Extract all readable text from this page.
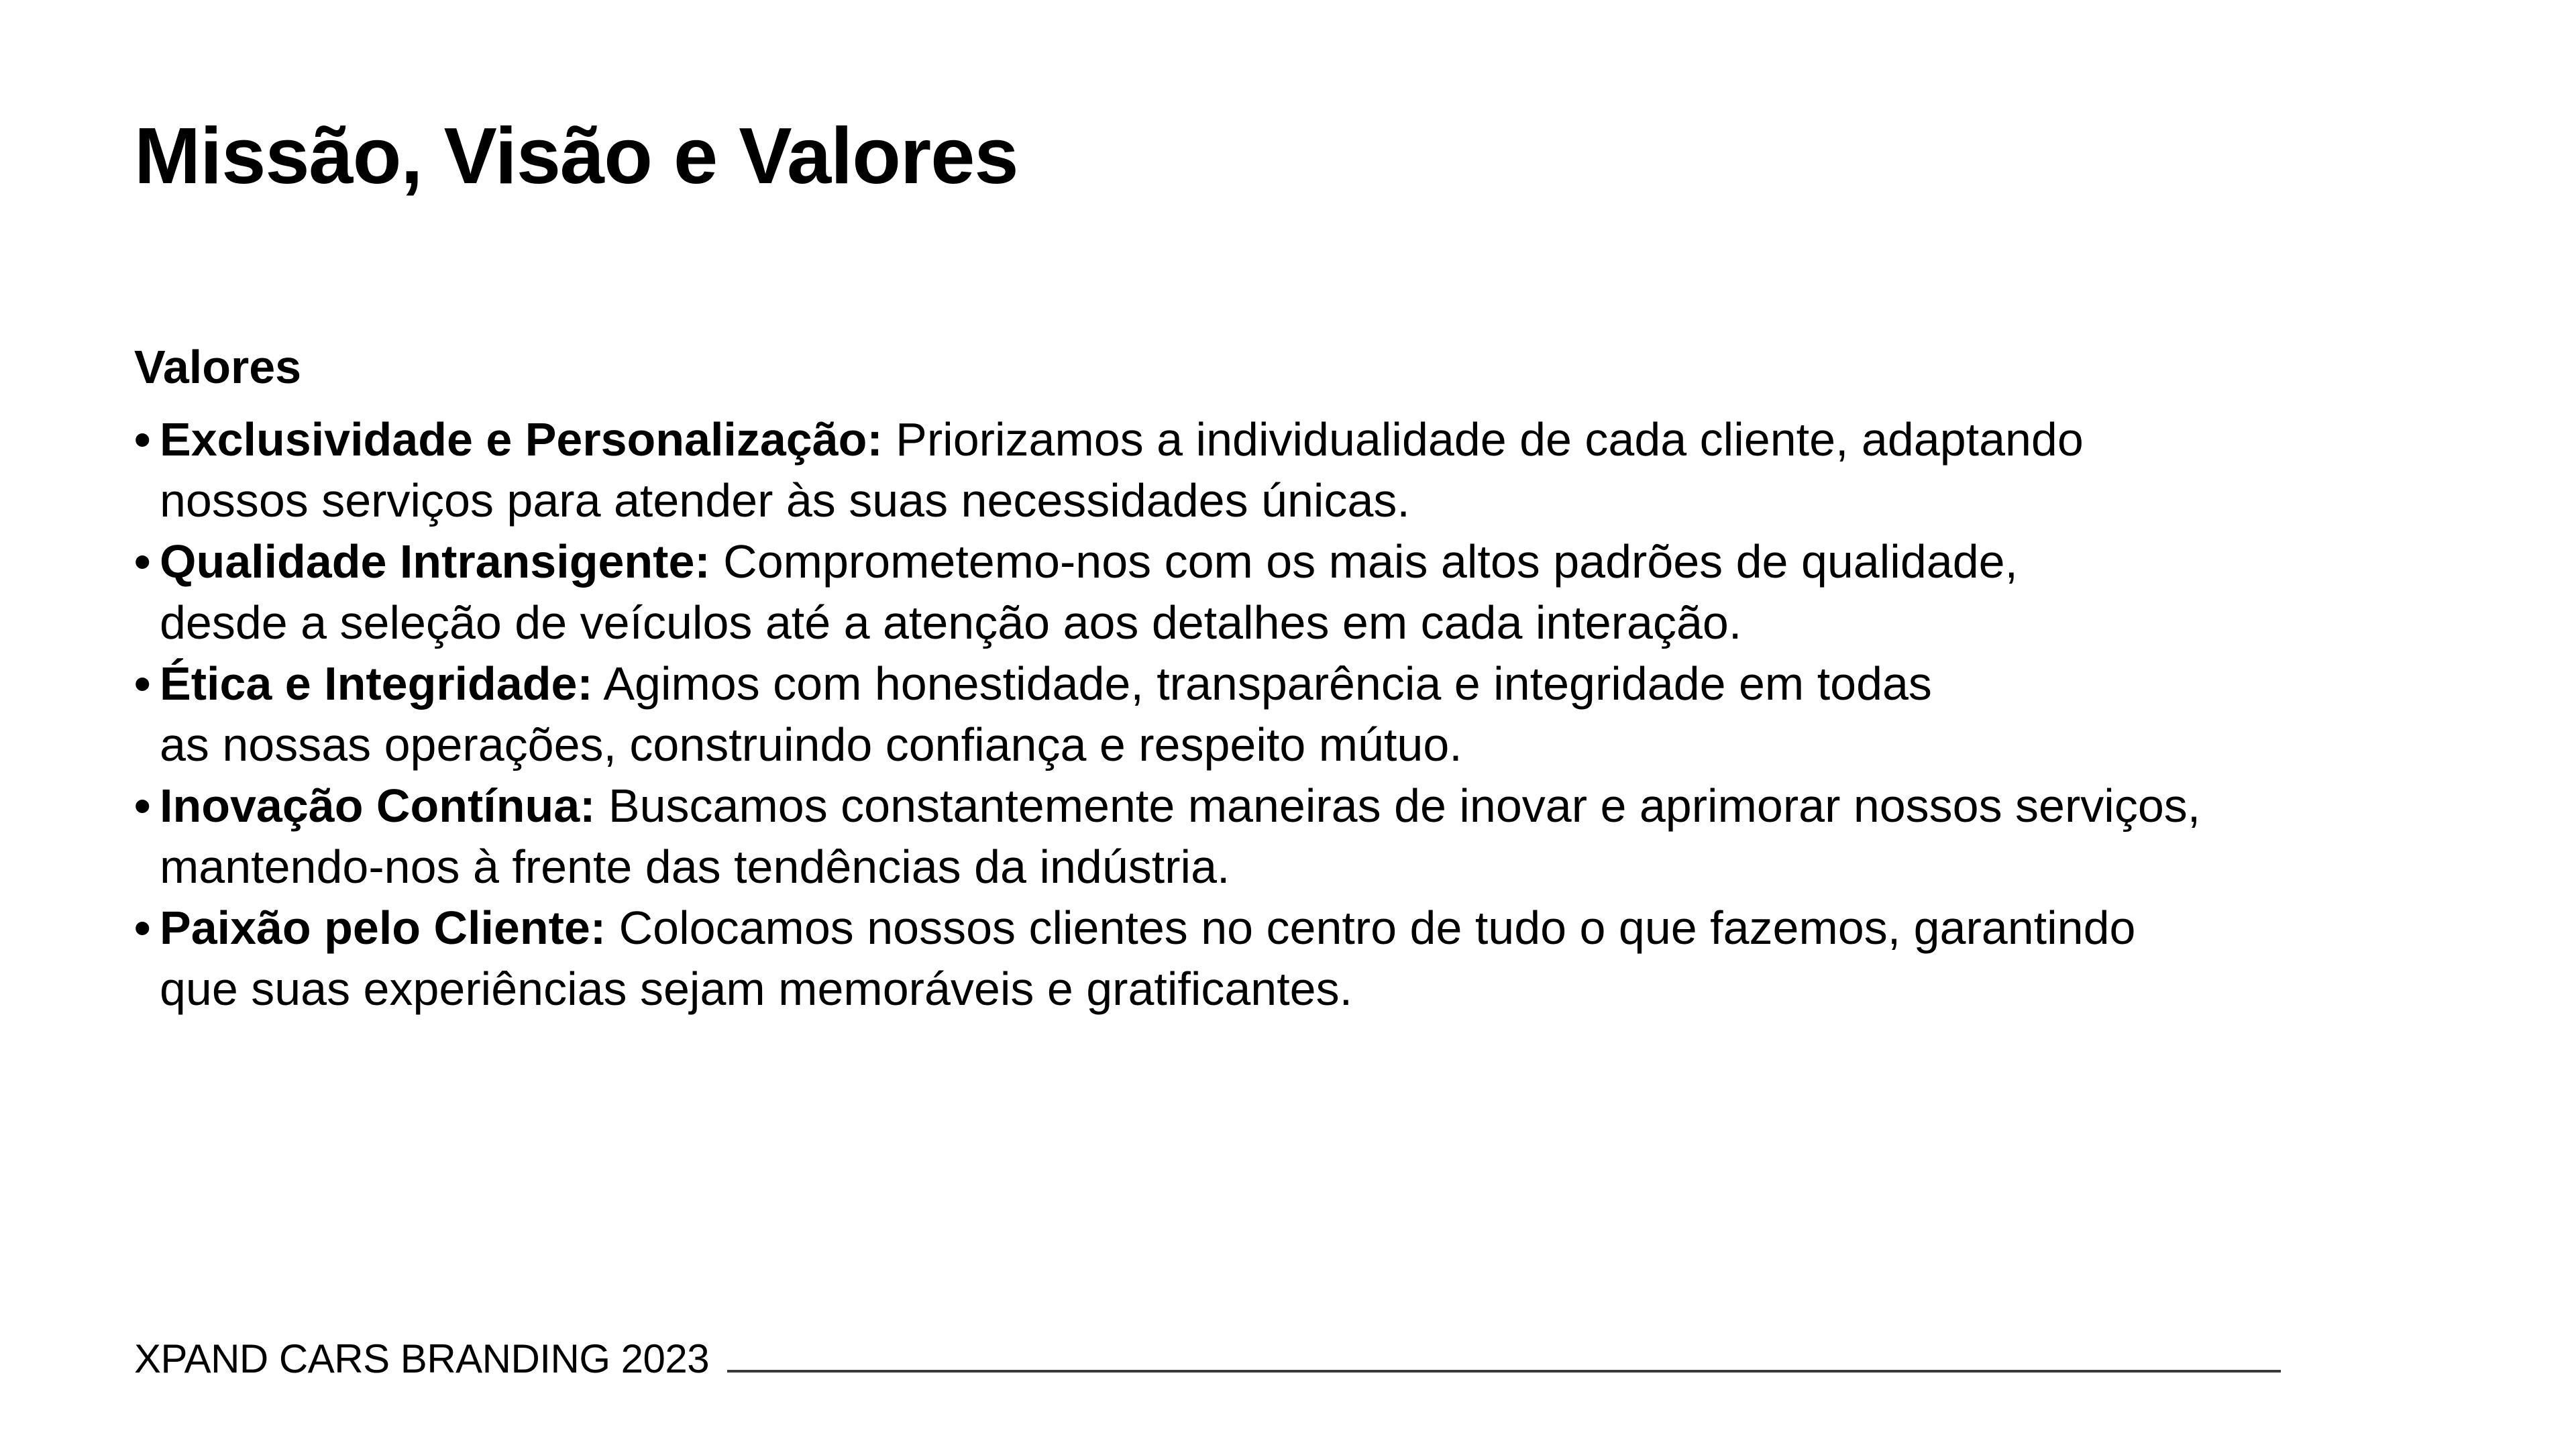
Missão, Visão e Valores
Valores
• Exclusividade e Personalização: Priorizamos a individualidade de cada cliente, adaptando
nossos serviços para atender às suas necessidades únicas.
• Qualidade Intransigente: Comprometemo-nos com os mais altos padrões de qualidade,
desde a seleção de veículos até a atenção aos detalhes em cada interação.
• Ética e Integridade: Agimos com honestidade, transparência e integridade em todas
as nossas operações, construindo confiança e respeito mútuo.
• Inovação Contínua: Buscamos constantemente maneiras de inovar e aprimorar nossos serviços,
mantendo-nos à frente das tendências da indústria.
• Paixão pelo Cliente: Colocamos nossos clientes no centro de tudo o que fazemos, garantindo
que suas experiências sejam memoráveis e gratificantes.
XPAND CARS BRANDING 2023
